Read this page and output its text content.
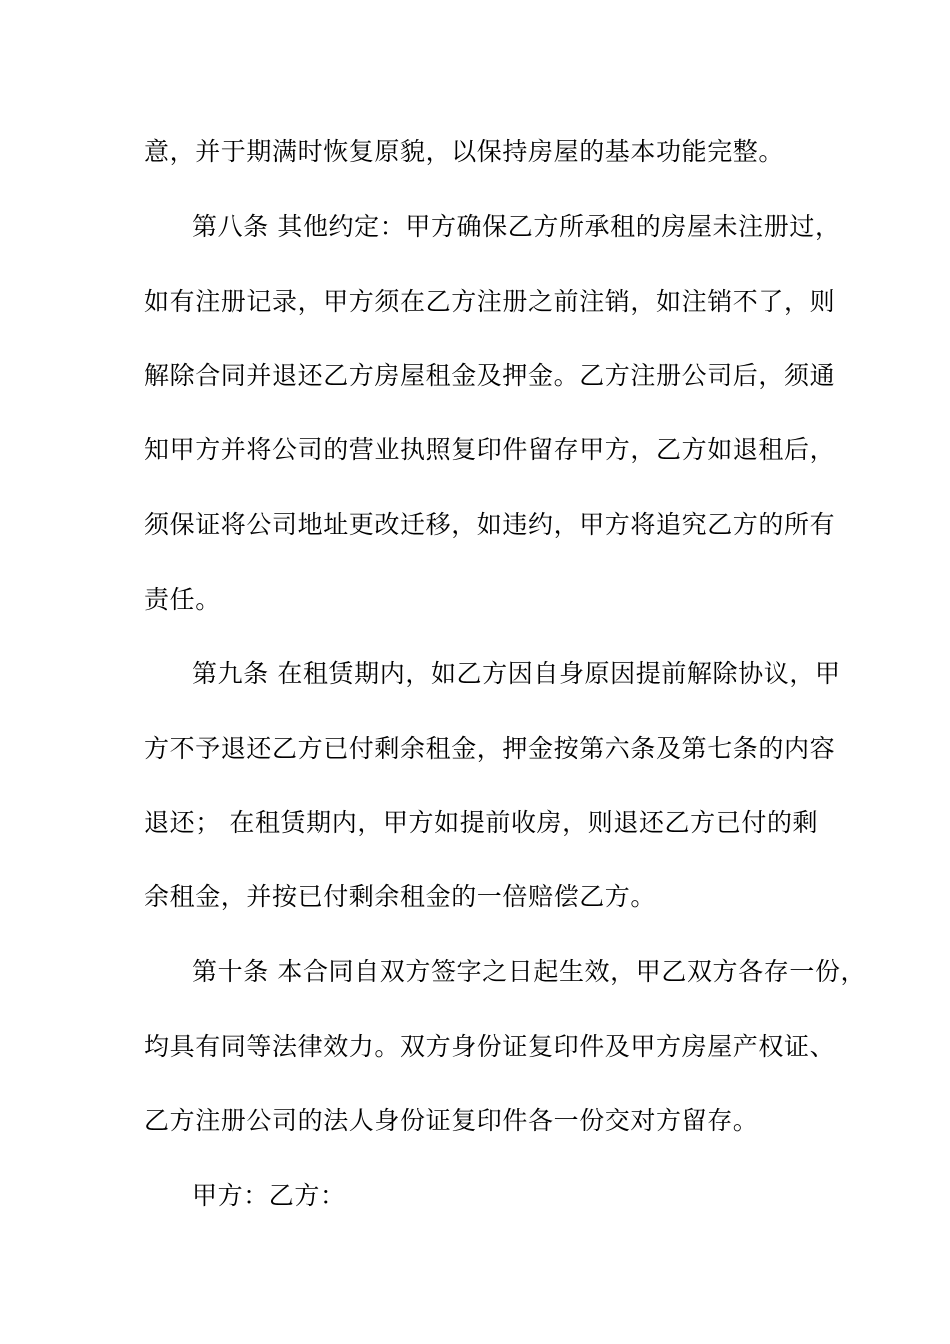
意，并于期满时恢复原貌，以保持房屋的基本功能完整。
第八条 其他约定：甲方确保乙方所承租的房屋未注册过，
如有注册记录，甲方须在乙方注册之前注销，如注销不了，则
解除合同并退还乙方房屋租金及押金。乙方注册公司后，须通
知甲方并将公司的营业执照复印件留存甲方，乙方如退租后，
须保证将公司地址更改迁移，如违约，甲方将追究乙方的所有
责任。
第九条 在租赁期内，如乙方因自身原因提前解除协议，甲
方不予退还乙方已付剩余租金，押金按第六条及第七条的内容
退还； 在租赁期内，甲方如提前收房，则退还乙方已付的剩
余租金，并按已付剩余租金的一倍赔偿乙方。
第十条 本合同自双方签字之日起生效，甲乙双方各存一份，
均具有同等法律效力。双方身份证复印件及甲方房屋产权证、
乙方注册公司的法人身份证复印件各一份交对方留存。
甲方：乙方：
